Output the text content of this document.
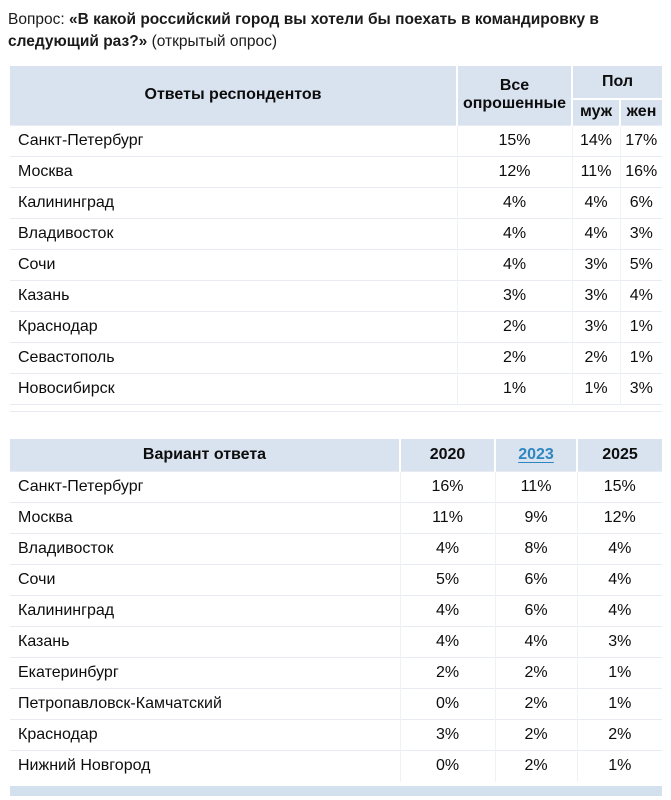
Вопрос: «В какой российский город вы хотели бы поехать в командировку в следующий раз?» (открытый опрос)
Ответы респондентов	Все опрошенные	Пол	
		муж	жен
Санкт-Петербург	15%	14%	17%
Москва	12%	11%	16%
Калининград	4%	4%	6%
Владивосток	4%	4%	3%
Сочи	4%	3%	5%
Казань	3%	3%	4%
Краснодар	2%	3%	1%
Севастополь	2%	2%	1%
Новосибирск	1%	1%	3%

Вариант ответа	2020	2023	2025
Санкт-Петербург	16%	11%	15%
Москва	11%	9%	12%
Владивосток	4%	8%	4%
Сочи	5%	6%	4%
Калининград	4%	6%	4%
Казань	4%	4%	3%
Екатеринбург	2%	2%	1%
Петропавловск-Камчатский	0%	2%	1%
Краснодар	3%	2%	2%
Нижний Новгород	0%	2%	1%
